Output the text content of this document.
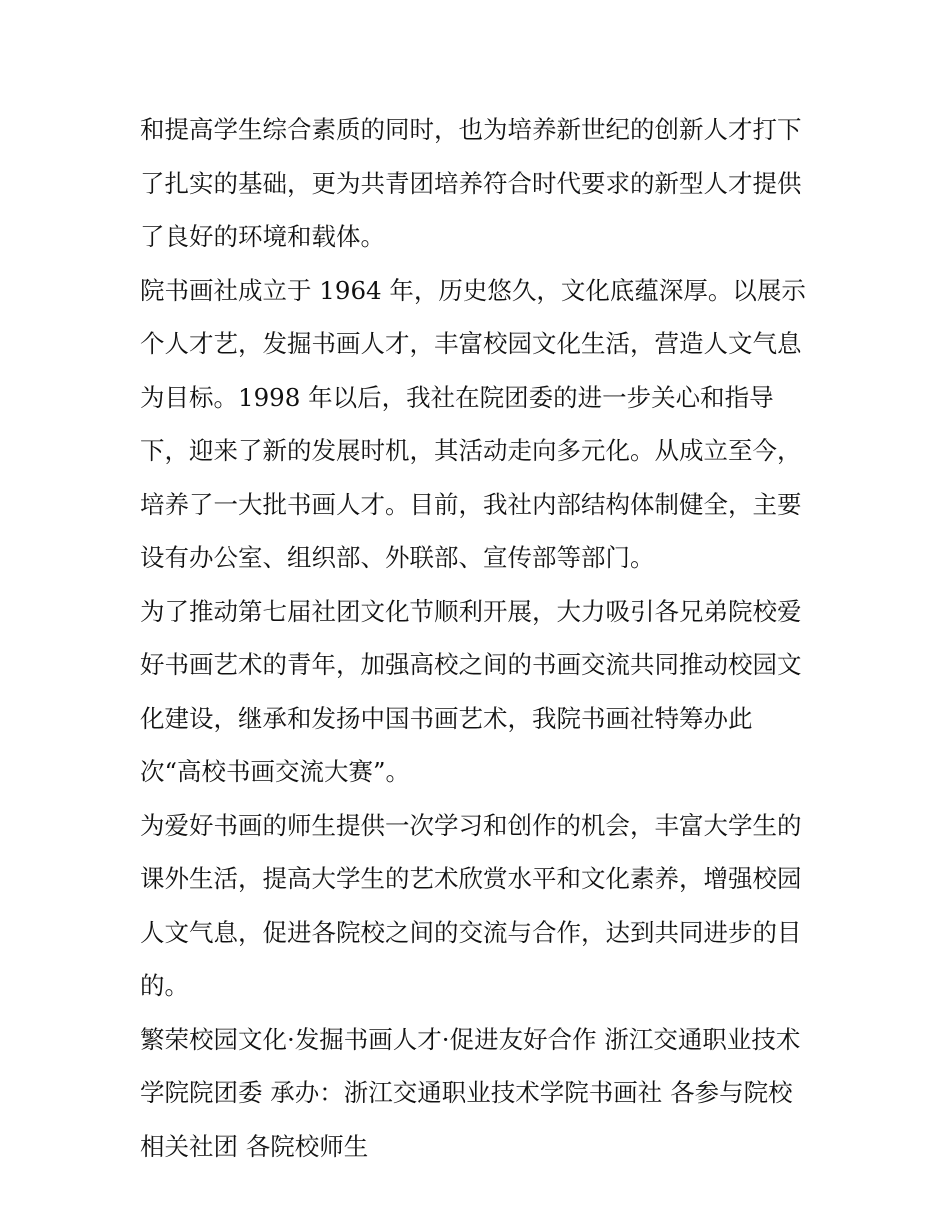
和提高学生综合素质的同时，也为培养新世纪的创新人才打下
了扎实的基础，更为共青团培养符合时代要求的新型人才提供
了良好的环境和载体。
院书画社成立于 1964 年，历史悠久，文化底蕴深厚。以展示
个人才艺，发掘书画人才，丰富校园文化生活，营造人文气息
为目标。1998 年以后，我社在院团委的进一步关心和指导
下，迎来了新的发展时机，其活动走向多元化。从成立至今，
培养了一大批书画人才。目前，我社内部结构体制健全，主要
设有办公室、组织部、外联部、宣传部等部门。
为了推动第七届社团文化节顺利开展，大力吸引各兄弟院校爱
好书画艺术的青年，加强高校之间的书画交流共同推动校园文
化建设，继承和发扬中国书画艺术，我院书画社特筹办此
次“高校书画交流大赛”。
为爱好书画的师生提供一次学习和创作的机会，丰富大学生的
课外生活，提高大学生的艺术欣赏水平和文化素养，增强校园
人文气息，促进各院校之间的交流与合作，达到共同进步的目
的。
繁荣校园文化·发掘书画人才·促进友好合作 浙江交通职业技术
学院院团委 承办：浙江交通职业技术学院书画社 各参与院校
相关社团 各院校师生
